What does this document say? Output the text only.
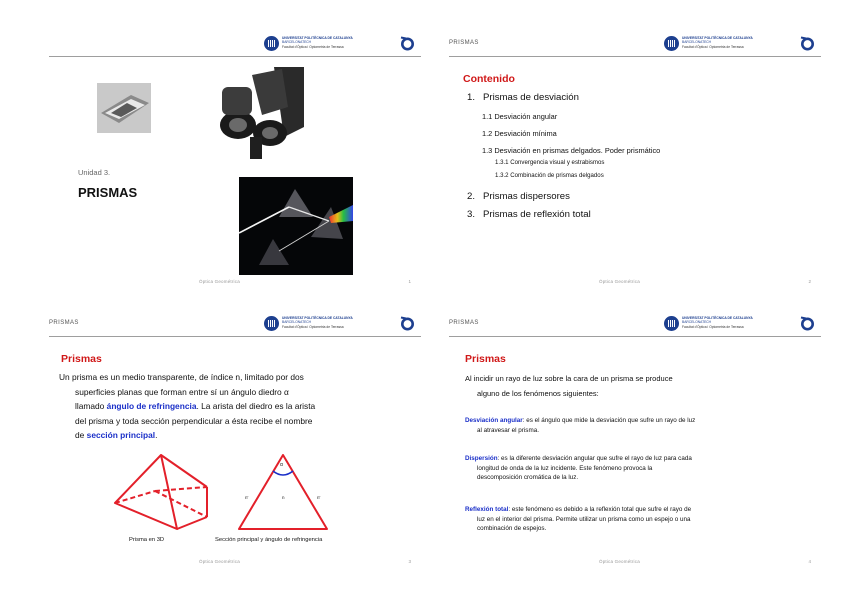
UNIVERSITAT POLITÈCNICA DE CATALUNYA
BARCELONATECH
Facultat d'Òptica i Optometria de Terrassa
Unidad 3.
PRISMAS
Óptica Geométrica	1
PRISMAS
UNIVERSITAT POLITÈCNICA DE CATALUNYA
BARCELONATECH
Facultat d'Òptica i Optometria de Terrassa
Contenido
1.   Prismas de desviación
1.1 Desviación angular
1.2 Desviación mínima
1.3 Desviación en prismas delgados. Poder prismático
1.3.1 Convergencia visual y estrabismos
1.3.2 Combinación de prismas delgados
2.   Prismas dispersores
3.   Prismas de reflexión total
Óptica Geométrica	2
PRISMAS
UNIVERSITAT POLITÈCNICA DE CATALUNYA
BARCELONATECH
Facultat d'Òptica i Optometria de Terrassa
Prismas
Un prisma es un medio transparente, de índice n, limitado por dos
superficies planas que forman entre sí un ángulo diedro α
llamado ángulo de refringencia. La arista del diedro es la arista
del prisma y toda sección perpendicular a ésta recibe el nombre
de sección principal.
Prisma en 3D
α
n
n'	n'
Sección principal y ángulo de refringencia
Óptica Geométrica	3
PRISMAS
UNIVERSITAT POLITÈCNICA DE CATALUNYA
BARCELONATECH
Facultat d'Òptica i Optometria de Terrassa
Prismas
Al incidir un rayo de luz sobre la cara de un prisma se produce
alguno de los fenómenos siguientes:
Desviación angular: es el ángulo que mide la desviación que sufre un rayo de luz
al atravesar el prisma.
Dispersión: es la diferente desviación angular que sufre el rayo de luz para cada
longitud de onda de la luz incidente. Este fenómeno provoca la
descomposición cromática de la luz.
Reflexión total: este fenómeno es debido a la reflexión total que sufre el rayo de
luz en el interior del prisma. Permite utilizar un prisma como un espejo o una
combinación de espejos.
Óptica Geométrica	4
